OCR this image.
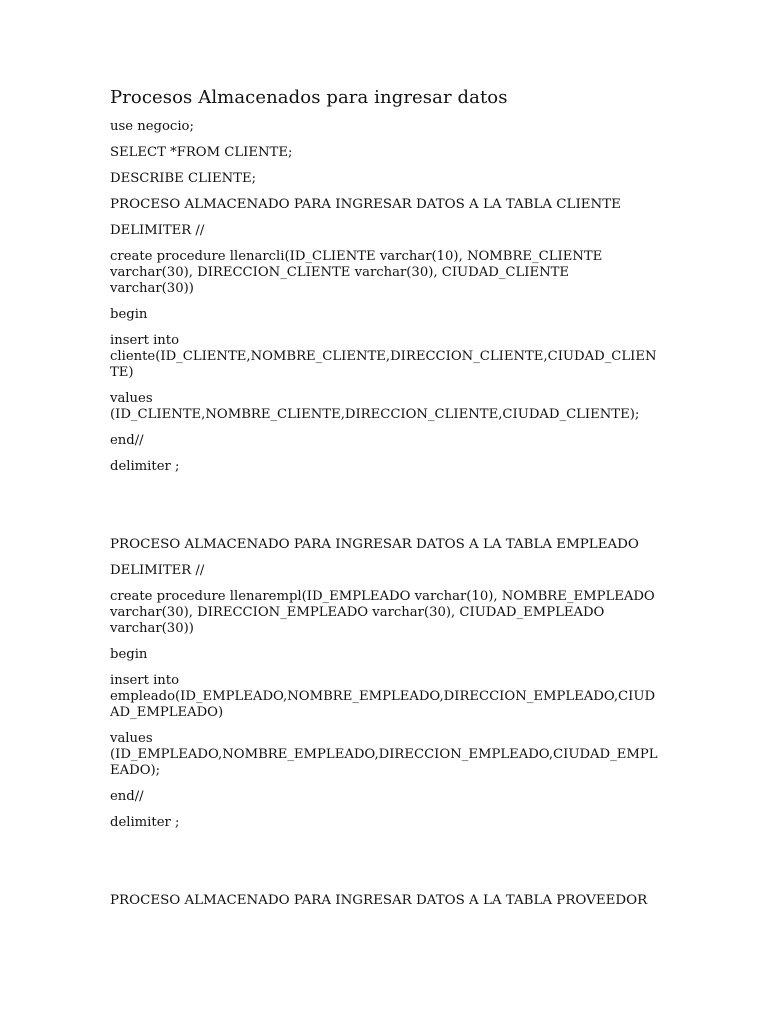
Procesos Almacenados para ingresar datos

use negocio;

SELECT *FROM CLIENTE;

DESCRIBE CLIENTE;

PROCESO ALMACENADO PARA INGRESAR DATOS A LA TABLA CLIENTE

DELIMITER //

create procedure llenarcli(ID_CLIENTE varchar(10), NOMBRE_CLIENTE
varchar(30), DIRECCION_CLIENTE varchar(30), CIUDAD_CLIENTE
varchar(30))

begin

insert into
cliente(ID_CLIENTE,NOMBRE_CLIENTE,DIRECCION_CLIENTE,CIUDAD_CLIEN
TE)

values
(ID_CLIENTE,NOMBRE_CLIENTE,DIRECCION_CLIENTE,CIUDAD_CLIENTE);

end//

delimiter ;

PROCESO ALMACENADO PARA INGRESAR DATOS A LA TABLA EMPLEADO

DELIMITER //

create procedure llenarempl(ID_EMPLEADO varchar(10), NOMBRE_EMPLEADO
varchar(30), DIRECCION_EMPLEADO varchar(30), CIUDAD_EMPLEADO
varchar(30))

begin

insert into
empleado(ID_EMPLEADO,NOMBRE_EMPLEADO,DIRECCION_EMPLEADO,CIUD
AD_EMPLEADO)

values
(ID_EMPLEADO,NOMBRE_EMPLEADO,DIRECCION_EMPLEADO,CIUDAD_EMPL
EADO);

end//

delimiter ;

PROCESO ALMACENADO PARA INGRESAR DATOS A LA TABLA PROVEEDOR
